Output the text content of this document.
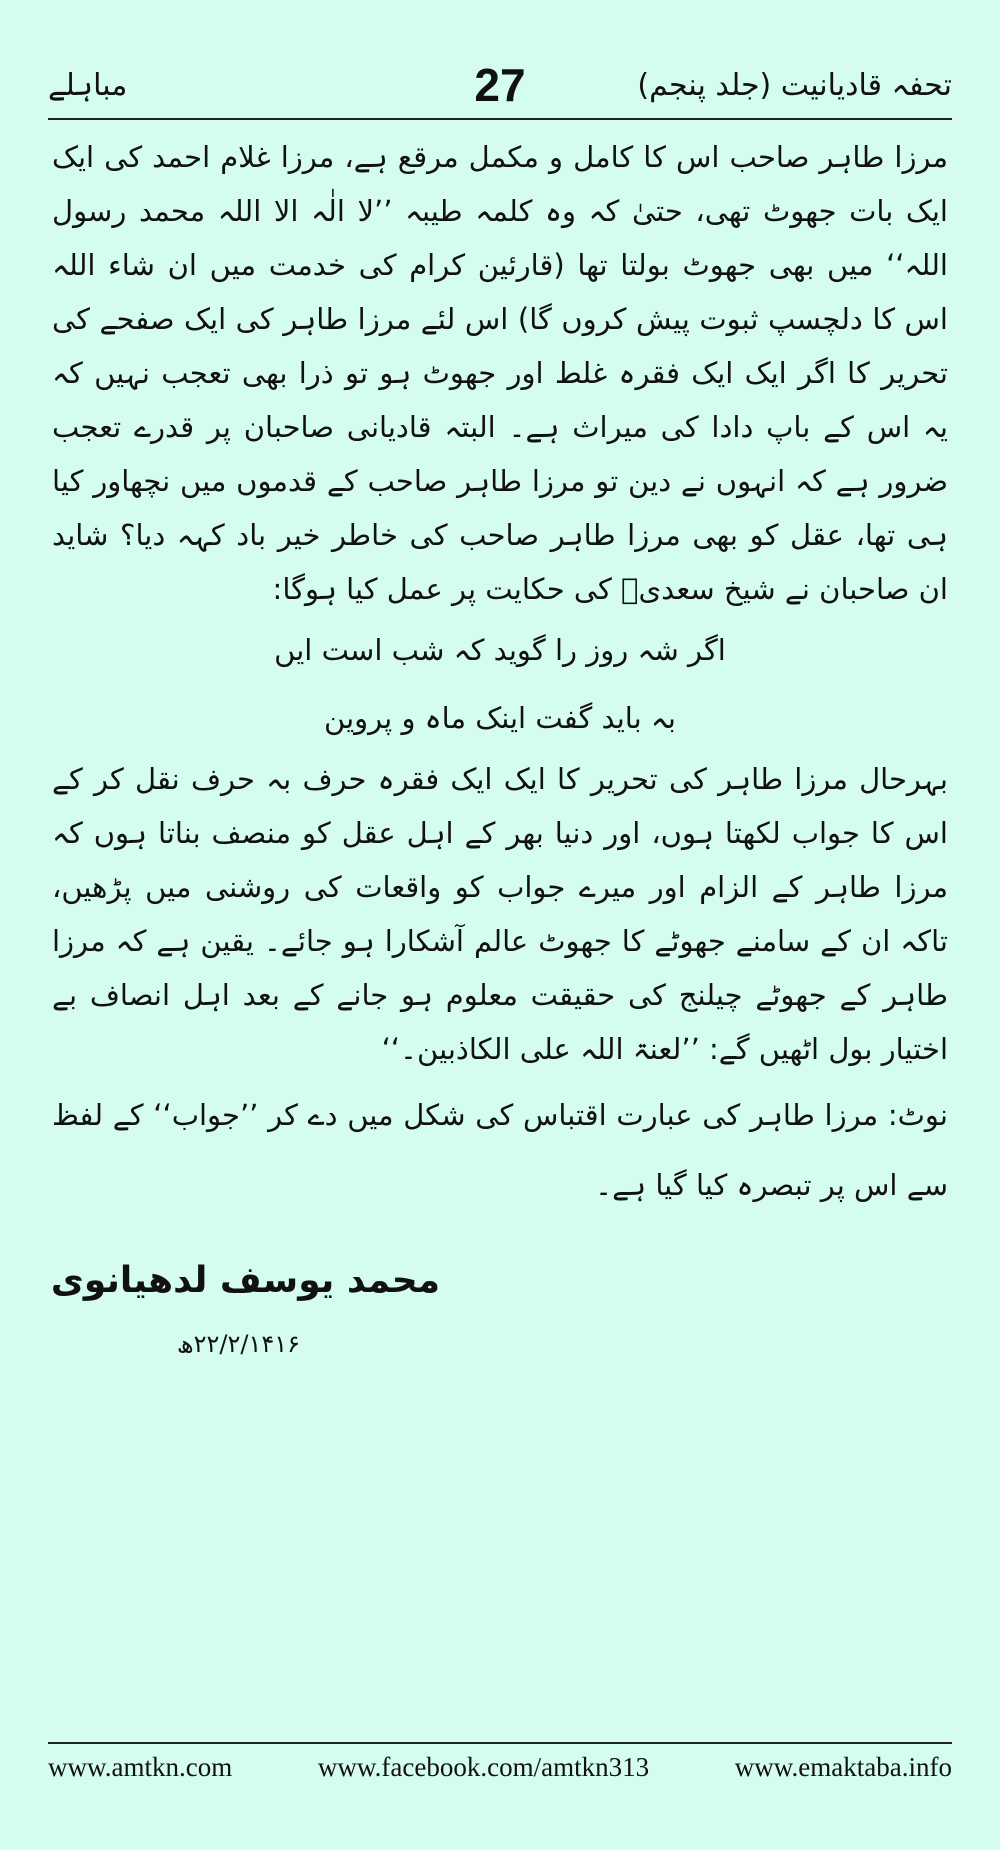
تحفہ قادیانیت (جلد پنجم)
27
مباہلے

مرزا طاہر صاحب اس کا کامل و مکمل مرقع ہے، مرزا غلام احمد کی ایک ایک بات جھوٹ تھی، حتیٰ کہ وہ کلمہ طیبہ ’’لا الٰہ الا اللہ محمد رسول اللہ‘‘ میں بھی جھوٹ بولتا تھا (قارئین کرام کی خدمت میں ان شاء اللہ اس کا دلچسپ ثبوت پیش کروں گا) اس لئے مرزا طاہر کی ایک صفحے کی تحریر کا اگر ایک ایک فقرہ غلط اور جھوٹ ہو تو ذرا بھی تعجب نہیں کہ یہ اس کے باپ دادا کی میراث ہے۔ البتہ قادیانی صاحبان پر قدرے تعجب ضرور ہے کہ انہوں نے دین تو مرزا طاہر صاحب کے قدموں میں نچھاور کیا ہی تھا، عقل کو بھی مرزا طاہر صاحب کی خاطر خیر باد کہہ دیا؟ شاید ان صاحبان نے شیخ سعدیؒ کی حکایت پر عمل کیا ہوگا:

اگر شہ روز را گوید کہ شب است ایں

بہ باید گفت اینک ماہ و پروین

بہرحال مرزا طاہر کی تحریر کا ایک ایک فقرہ حرف بہ حرف نقل کر کے اس کا جواب لکھتا ہوں، اور دنیا بھر کے اہل عقل کو منصف بناتا ہوں کہ مرزا طاہر کے الزام اور میرے جواب کو واقعات کی روشنی میں پڑھیں، تاکہ ان کے سامنے جھوٹے کا جھوٹ عالم آشکارا ہو جائے۔ یقین ہے کہ مرزا طاہر کے جھوٹے چیلنج کی حقیقت معلوم ہو جانے کے بعد اہل انصاف بے اختیار بول اٹھیں گے: ’’لعنۃ اللہ علی الکاذبین۔‘‘

نوٹ: مرزا طاہر کی عبارت اقتباس کی شکل میں دے کر ’’جواب‘‘ کے لفظ سے اس پر تبصرہ کیا گیا ہے۔

محمد یوسف لدھیانوی
۲۲/۲/۱۴۱۶ھ
www.amtkn.com	www.facebook.com/amtkn313	www.emaktaba.info
